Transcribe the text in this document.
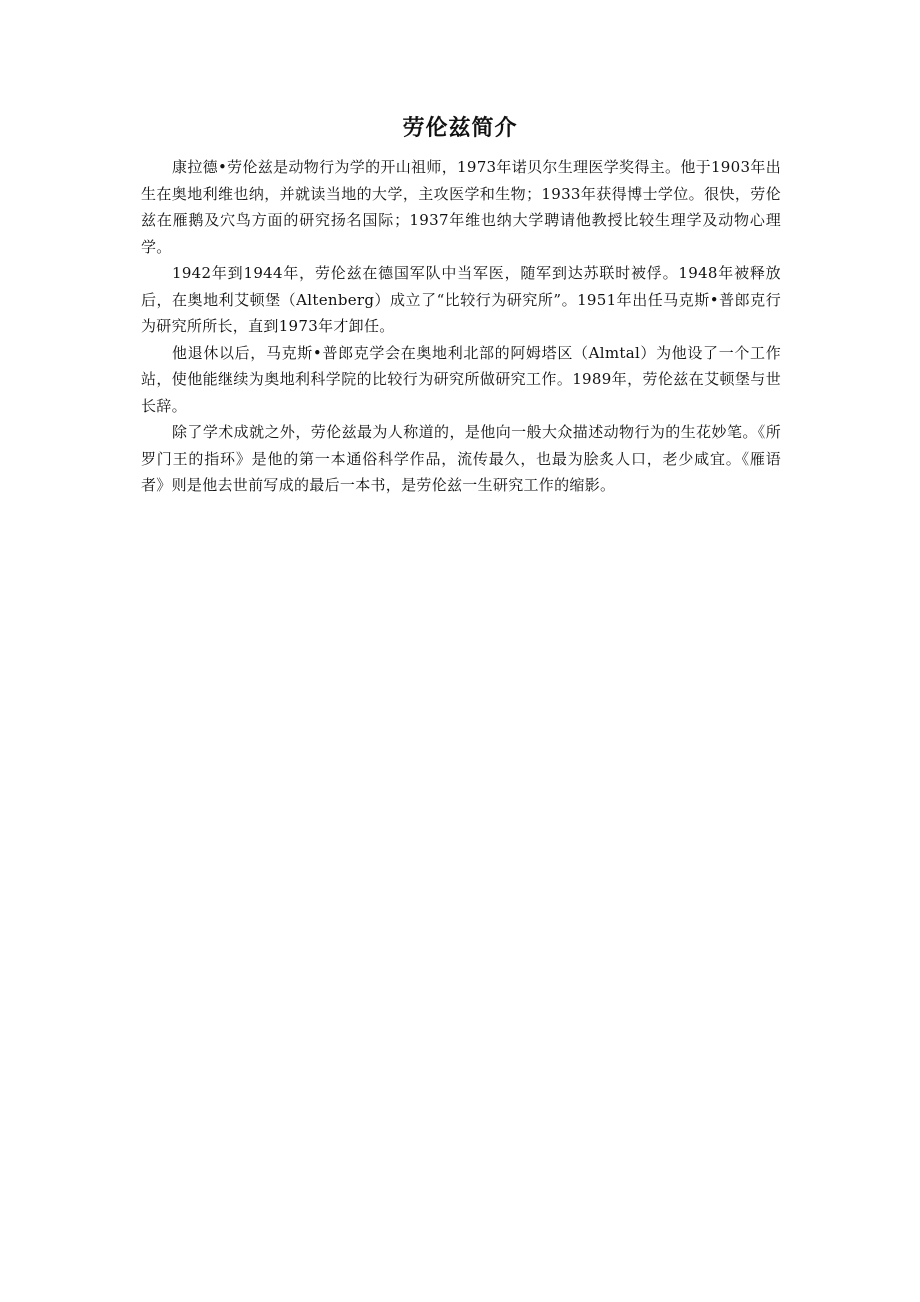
劳伦兹简介

康拉德•劳伦兹是动物行为学的开山祖师，1973年诺贝尔生理医学奖得主。他于1903年出生在奥地利维也纳，并就读当地的大学，主攻医学和生物；1933年获得博士学位。很快，劳伦兹在雁鹅及穴鸟方面的研究扬名国际；1937年维也纳大学聘请他教授比较生理学及动物心理学。

1942年到1944年，劳伦兹在德国军队中当军医，随军到达苏联时被俘。1948年被释放后，在奥地利艾顿堡（Altenberg）成立了“比较行为研究所”。1951年出任马克斯•普郎克行为研究所所长，直到1973年才卸任。

他退休以后，马克斯•普郎克学会在奥地利北部的阿姆塔区（Almtal）为他设了一个工作站，使他能继续为奥地利科学院的比较行为研究所做研究工作。1989年，劳伦兹在艾顿堡与世长辞。

除了学术成就之外，劳伦兹最为人称道的，是他向一般大众描述动物行为的生花妙笔。《所罗门王的指环》是他的第一本通俗科学作品，流传最久，也最为脍炙人口，老少咸宜。《雁语者》则是他去世前写成的最后一本书，是劳伦兹一生研究工作的缩影。
